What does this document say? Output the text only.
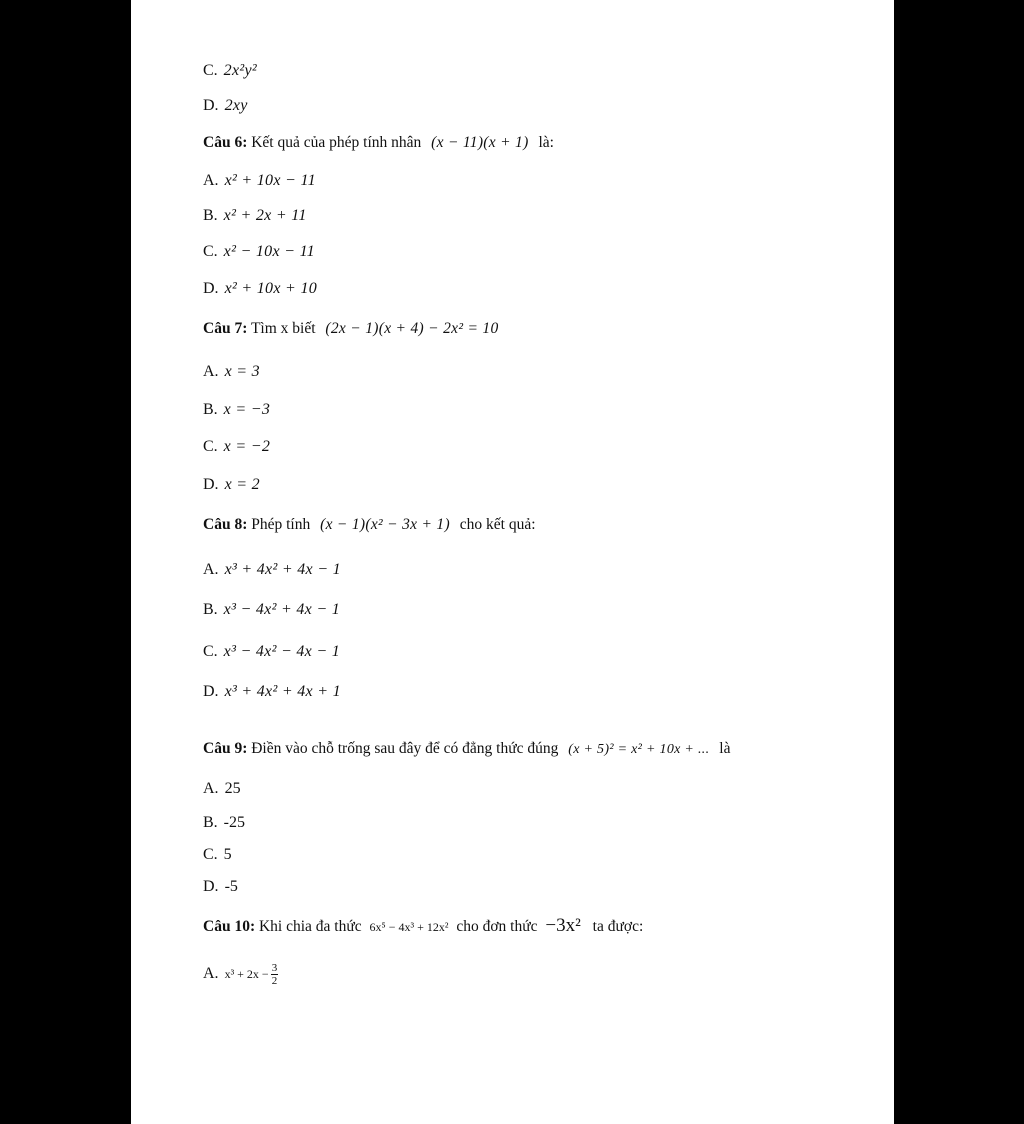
C. 2x²y²
D. 2xy
Câu 6: Kết quả của phép tính nhân (x − 11)(x + 1) là:
A. x² + 10x − 11
B. x² + 2x + 11
C. x² − 10x − 11
D. x² + 10x + 10
Câu 7: Tìm x biết (2x − 1)(x + 4) − 2x² = 10
A. x = 3
B. x = −3
C. x = −2
D. x = 2
Câu 8: Phép tính (x − 1)(x² − 3x + 1) cho kết quả:
A. x³ + 4x² + 4x − 1
B. x³ − 4x² + 4x − 1
C. x³ − 4x² − 4x − 1
D. x³ + 4x² + 4x + 1
Câu 9: Điền vào chỗ trống sau đây để có đẳng thức đúng (x + 5)² = x² + 10x + ... là
A. 25
B. -25
C. 5
D. -5
Câu 10: Khi chia đa thức 6x⁵ − 4x³ + 12x² cho đơn thức −3x² ta được:
A. $x^3 + 2x - \frac{3}{2}$
